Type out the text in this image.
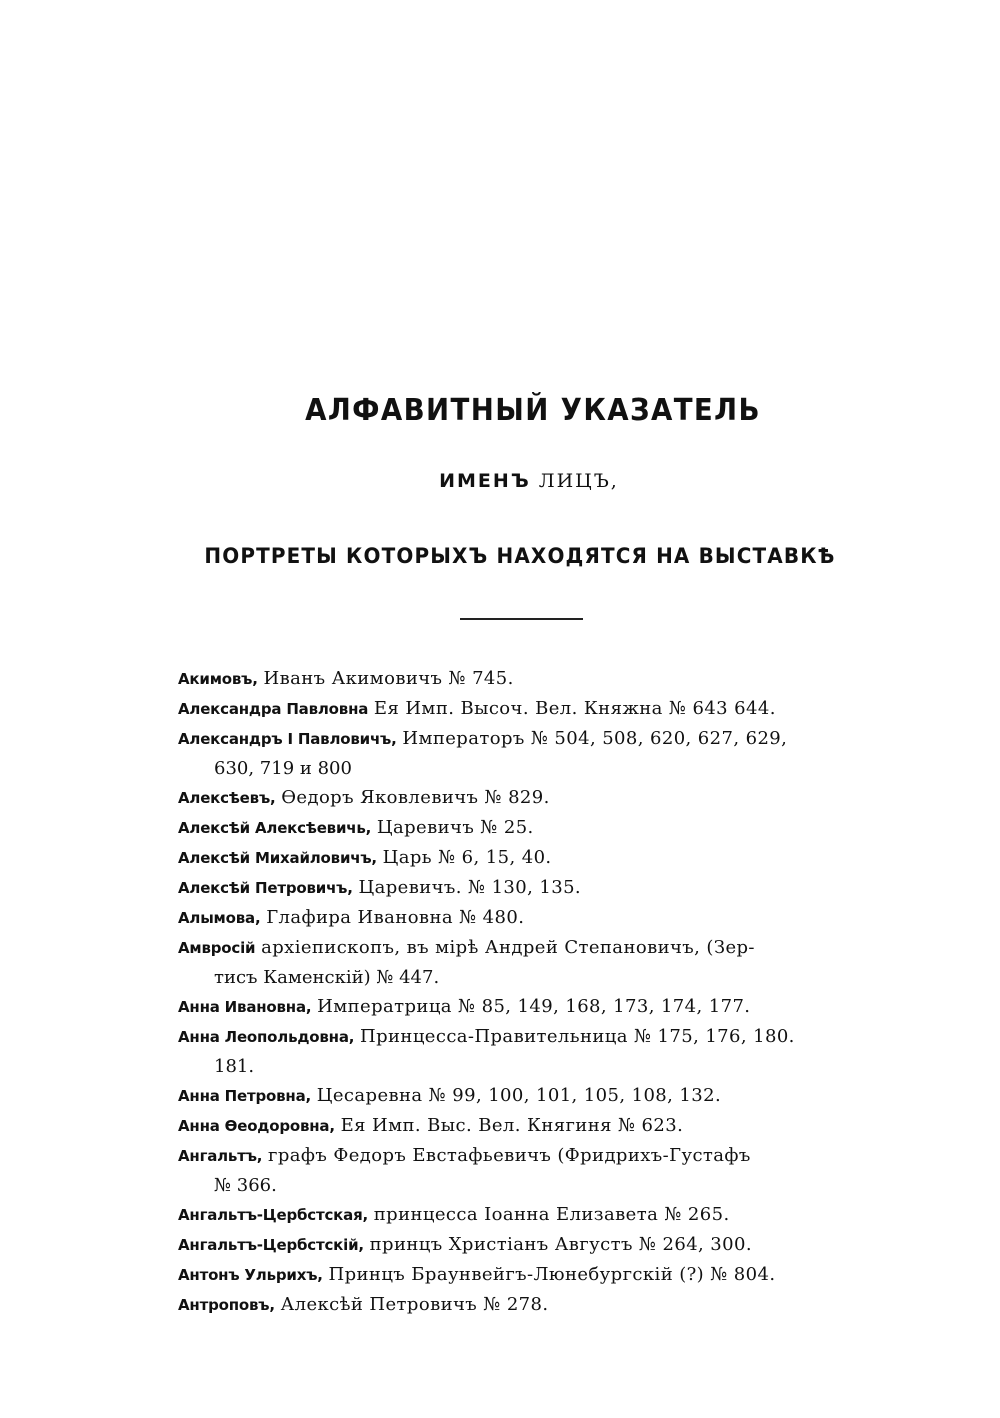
АЛФАВИТНЫЙ УКАЗАТЕЛЬ
ИМЕНЪ ЛИЦЪ,
ПОРТРЕТЫ КОТОРЫХЪ НАХОДЯТСЯ НА ВЫСТАВКѢ
Акимовъ, Иванъ Акимовичъ № 745.
Александра Павловна Ея Имп. Высоч. Вел. Княжна № 643 644.
Александръ I Павловичъ, Императоръ № 504, 508, 620, 627, 629,
630, 719 и 800
Алексѣевъ, Өедоръ Яковлевичъ № 829.
Алексѣй Алексѣевичь, Царевичъ № 25.
Алексѣй Михайловичъ, Царь № 6, 15, 40.
Алексѣй Петровичъ, Царевичъ. № 130, 135.
Алымова, Глафира Ивановна № 480.
Амвросій архіепископъ, въ мірѣ Андрей Степановичъ, (Зер-
тисъ Каменскій) № 447.
Анна Ивановна, Императрица № 85, 149, 168, 173, 174, 177.
Анна Леопольдовна, Принцесса-Правительница № 175, 176, 180.
181.
Анна Петровна, Цесаревна № 99, 100, 101, 105, 108, 132.
Анна Өеодоровна, Ея Имп. Выс. Вел. Княгиня № 623.
Ангальтъ, графъ Федоръ Евстафьевичъ (Фридрихъ-Густафъ
№ 366.
Ангальтъ-Цербстская, принцесса Іоанна Елизавета № 265.
Ангальтъ-Цербстскій, принцъ Христіанъ Августъ № 264, 300.
Антонъ Ульрихъ, Принцъ Браунвейгъ-Люнебургскій (?) № 804.
Антроповъ, Алексѣй Петровичъ № 278.
